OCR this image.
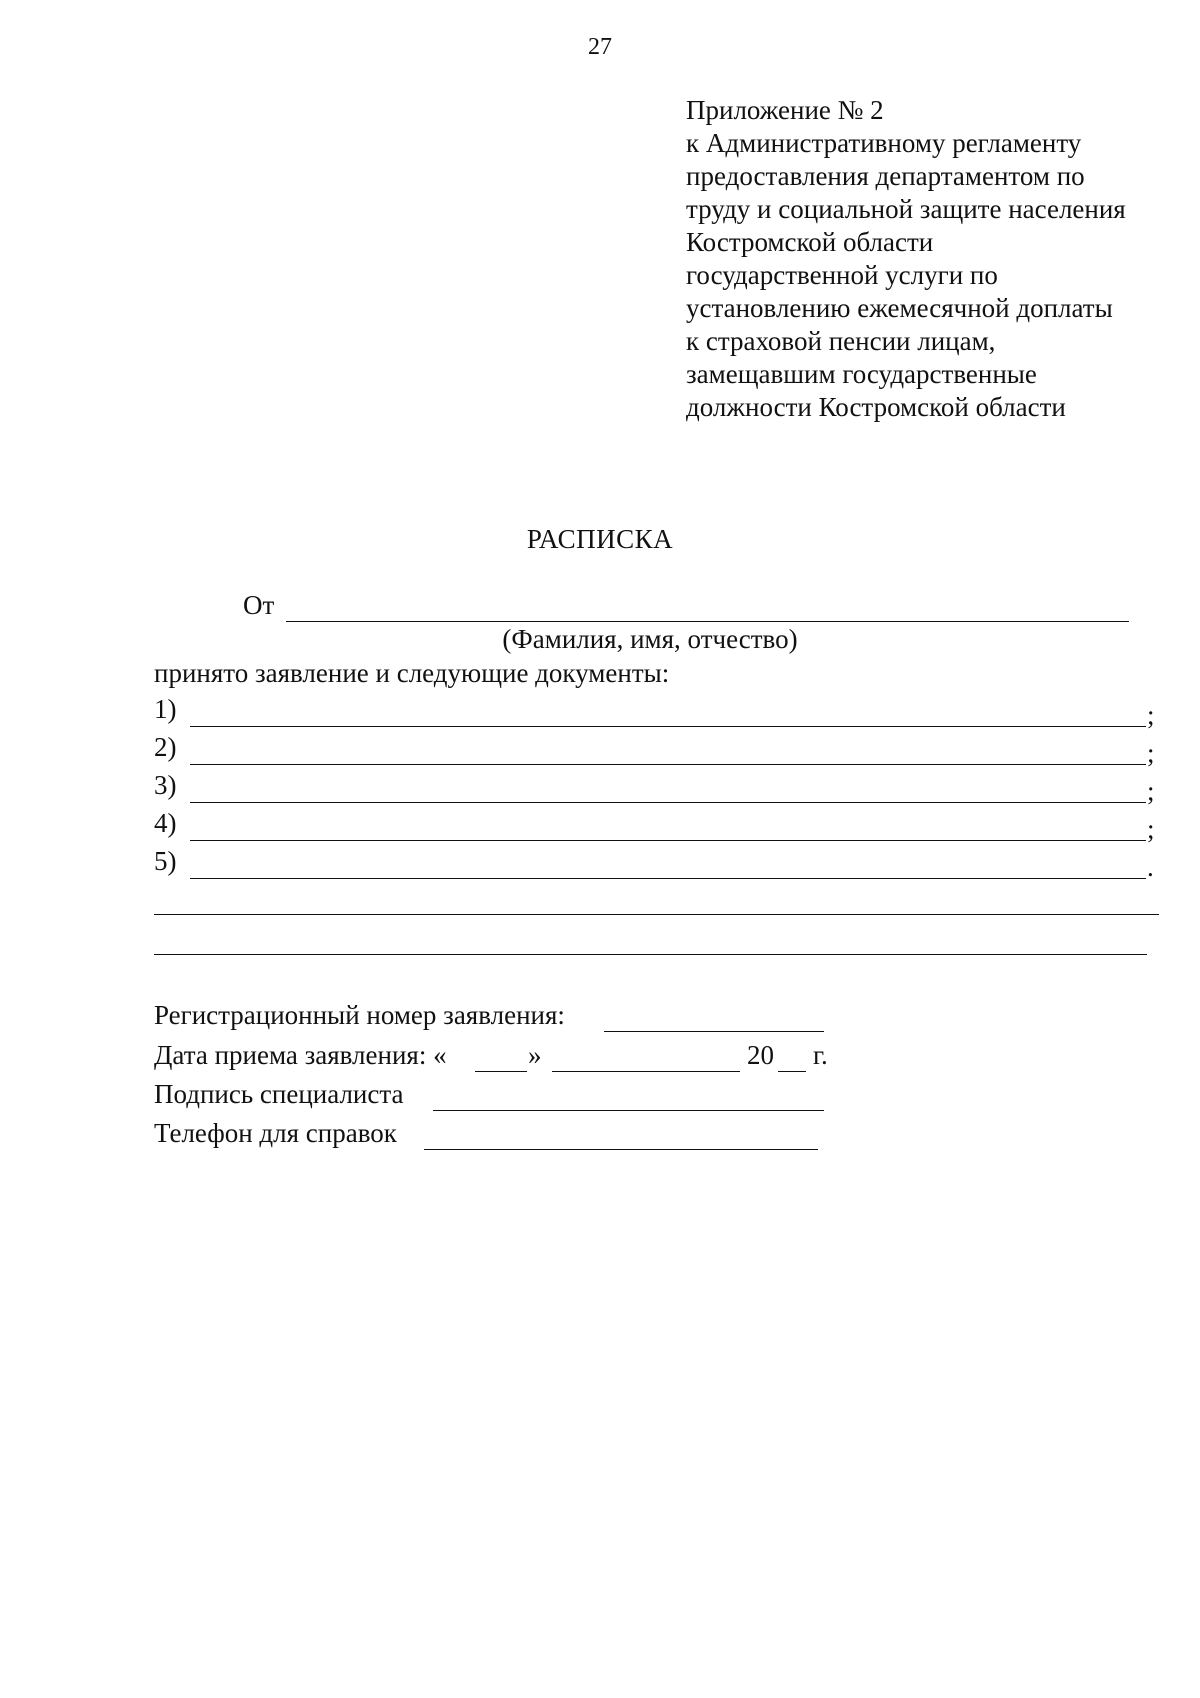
27
Приложение № 2
к Административному регламенту
предоставления департаментом по
труду и социальной защите населения
Костромской области
государственной услуги по
установлению ежемесячной доплаты
к страховой пенсии лицам,
замещавшим государственные
должности Костромской области
РАСПИСКА
От
(Фамилия, имя, отчество)
принято заявление и следующие документы:
1)	;
2)	;
3)	;
4)	;
5)	.
Регистрационный номер заявления:
Дата приема заявления: «	»	20 г.
Подпись специалиста
Телефон для справок
